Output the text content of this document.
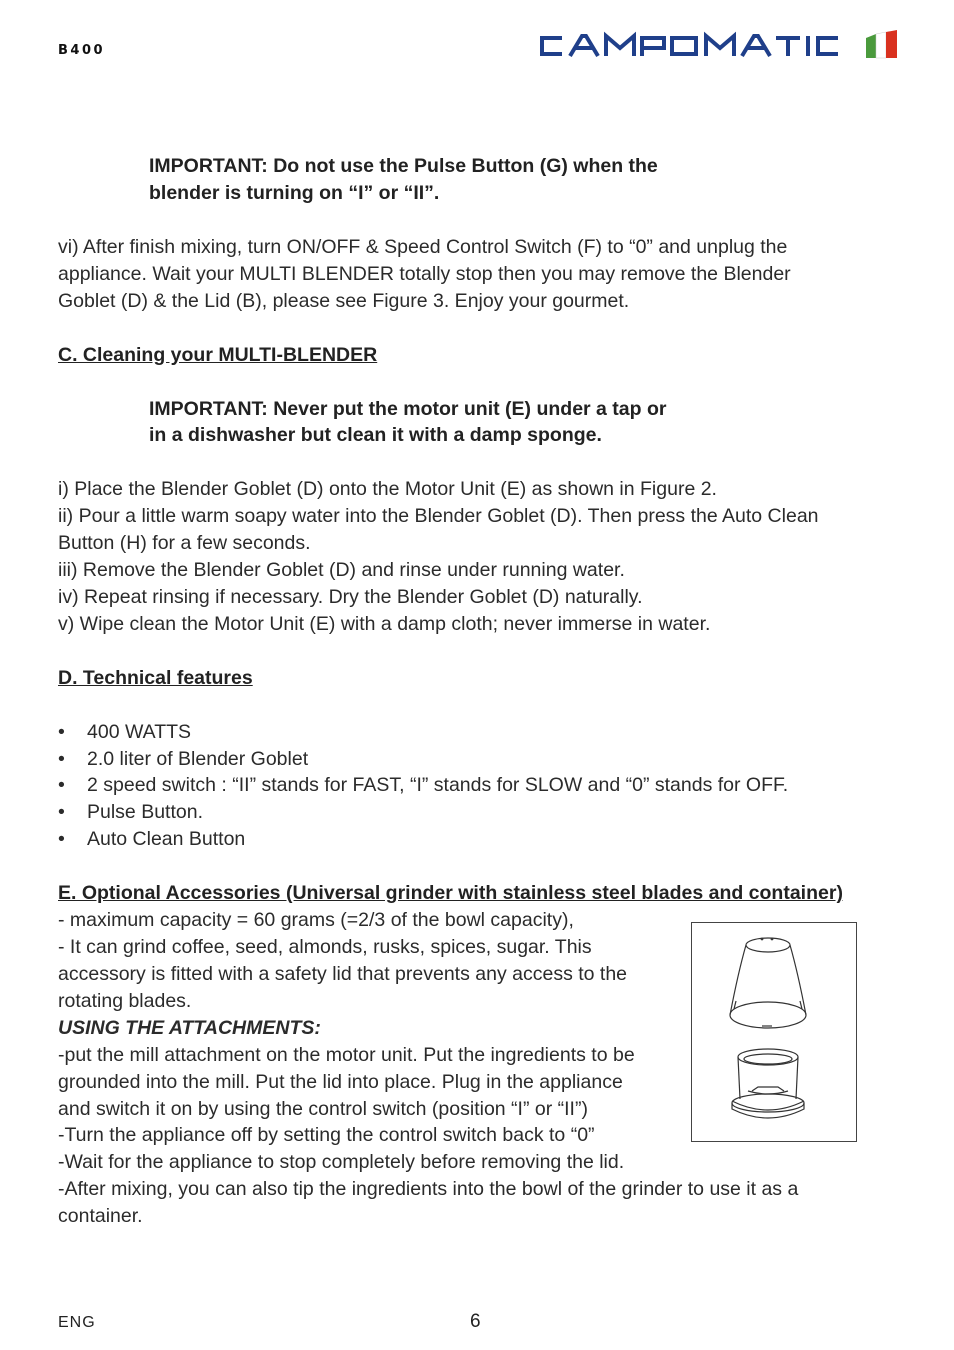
B400
IMPORTANT: Do not use the Pulse Button (G) when the
blender is turning on “I” or “II”.
vi) After finish mixing, turn ON/OFF & Speed Control Switch (F) to “0” and unplug the
appliance. Wait your MULTI BLENDER totally stop then you may remove the Blender
Goblet (D) & the Lid (B), please see Figure 3. Enjoy your gourmet.
C. Cleaning your MULTI-BLENDER
IMPORTANT: Never put the motor unit (E) under a tap or
in a dishwasher but clean it with a damp sponge.
i) Place the Blender Goblet (D) onto the Motor Unit (E) as shown in Figure 2.
ii) Pour a little warm soapy water into the Blender Goblet (D). Then press the Auto Clean
Button (H) for a few seconds.
iii) Remove the Blender Goblet (D) and rinse under running water.
iv) Repeat rinsing if necessary. Dry the Blender Goblet (D) naturally.
v) Wipe clean the Motor Unit (E) with a damp cloth; never immerse in water.
D. Technical features
• 400 WATTS
• 2.0 liter of Blender Goblet
• 2 speed switch : “II” stands for FAST, “I” stands for SLOW and “0” stands for OFF.
• Pulse Button.
• Auto Clean Button
E. Optional Accessories (Universal grinder with stainless steel blades and container)
- maximum capacity = 60 grams (=2/3 of the bowl capacity),
- It can grind coffee, seed, almonds, rusks, spices, sugar. This
accessory is fitted with a safety lid that prevents any access to the
rotating blades.
USING THE ATTACHMENTS:
-put the mill attachment on the motor unit. Put the ingredients to be
grounded into the mill. Put the lid into place. Plug in the appliance
and switch it on by using the control switch (position “I” or “II”)
-Turn the appliance off by setting the control switch back to “0”
-Wait for the appliance to stop completely before removing the lid.
-After mixing, you can also tip the ingredients into the bowl of the grinder to use it as a
container.
ENG	6
